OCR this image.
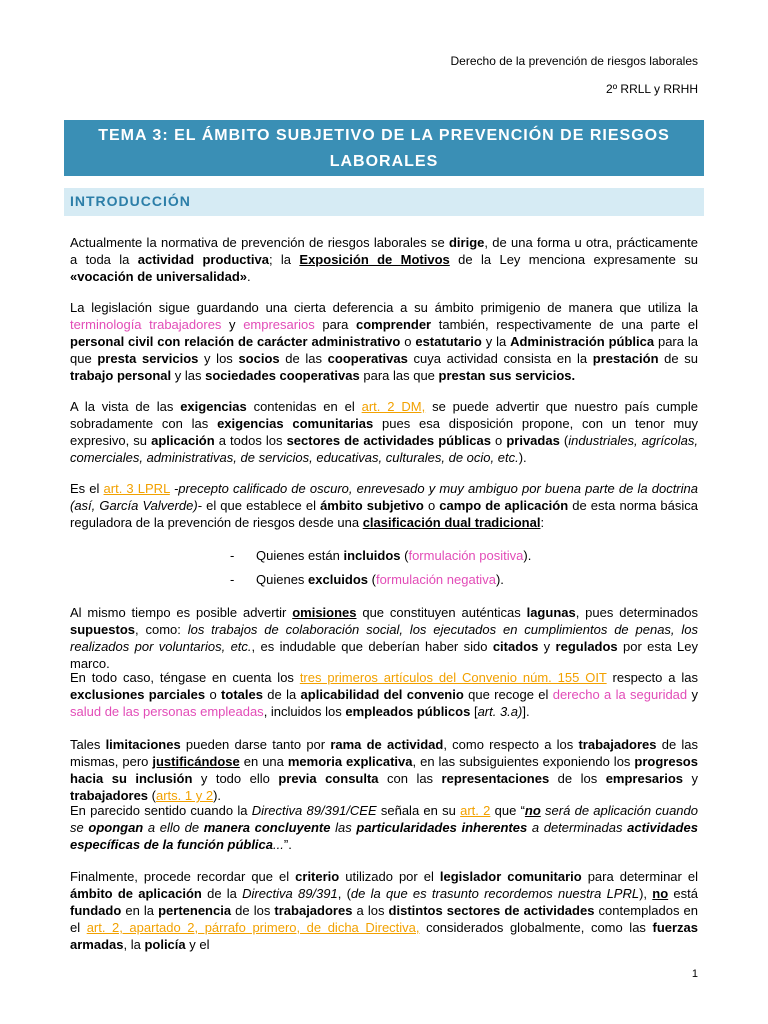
Derecho de la prevención de riesgos laborales
2º RRLL y RRHH
TEMA 3: EL ÁMBITO SUBJETIVO DE LA PREVENCIÓN DE RIESGOS
LABORALES
INTRODUCCIÓN
Actualmente la normativa de prevención de riesgos laborales se dirige, de una forma u otra, prácticamente a toda la actividad productiva; la Exposición de Motivos de la Ley menciona expresamente su «vocación de universalidad».
La legislación sigue guardando una cierta deferencia a su ámbito primigenio de manera que utiliza la terminología trabajadores y empresarios para comprender también, respectivamente de una parte el personal civil con relación de carácter administrativo o estatutario y la Administración pública para la que presta servicios y los socios de las cooperativas cuya actividad consista en la prestación de su trabajo personal y las sociedades cooperativas para las que prestan sus servicios.
A la vista de las exigencias contenidas en el art. 2 DM, se puede advertir que nuestro país cumple sobradamente con las exigencias comunitarias pues esa disposición propone, con un tenor muy expresivo, su aplicación a todos los sectores de actividades públicas o privadas (industriales, agrícolas, comerciales, administrativas, de servicios, educativas, culturales, de ocio, etc.).
Es el art. 3 LPRL -precepto calificado de oscuro, enrevesado y muy ambiguo por buena parte de la doctrina (así, García Valverde)- el que establece el ámbito subjetivo o campo de aplicación de esta norma básica reguladora de la prevención de riesgos desde una clasificación dual tradicional:
- Quienes están incluidos (formulación positiva).
- Quienes excluidos (formulación negativa).
Al mismo tiempo es posible advertir omisiones que constituyen auténticas lagunas, pues determinados supuestos, como: los trabajos de colaboración social, los ejecutados en cumplimientos de penas, los realizados por voluntarios, etc., es indudable que deberían haber sido citados y regulados por esta Ley marco.
En todo caso, téngase en cuenta los tres primeros artículos del Convenio núm. 155 OIT respecto a las exclusiones parciales o totales de la aplicabilidad del convenio que recoge el derecho a la seguridad y salud de las personas empleadas, incluidos los empleados públicos [art. 3.a)].
Tales limitaciones pueden darse tanto por rama de actividad, como respecto a los trabajadores de las mismas, pero justificándose en una memoria explicativa, en las subsiguientes exponiendo los progresos hacia su inclusión y todo ello previa consulta con las representaciones de los empresarios y trabajadores (arts. 1 y 2).
En parecido sentido cuando la Directiva 89/391/CEE señala en su art. 2 que “no será de aplicación cuando se opongan a ello de manera concluyente las particularidades inherentes a determinadas actividades específicas de la función pública...”.
Finalmente, procede recordar que el criterio utilizado por el legislador comunitario para determinar el ámbito de aplicación de la Directiva 89/391, (de la que es trasunto recordemos nuestra LPRL), no está fundado en la pertenencia de los trabajadores a los distintos sectores de actividades contemplados en el art. 2, apartado 2, párrafo primero, de dicha Directiva, considerados globalmente, como las fuerzas armadas, la policía y el
1
